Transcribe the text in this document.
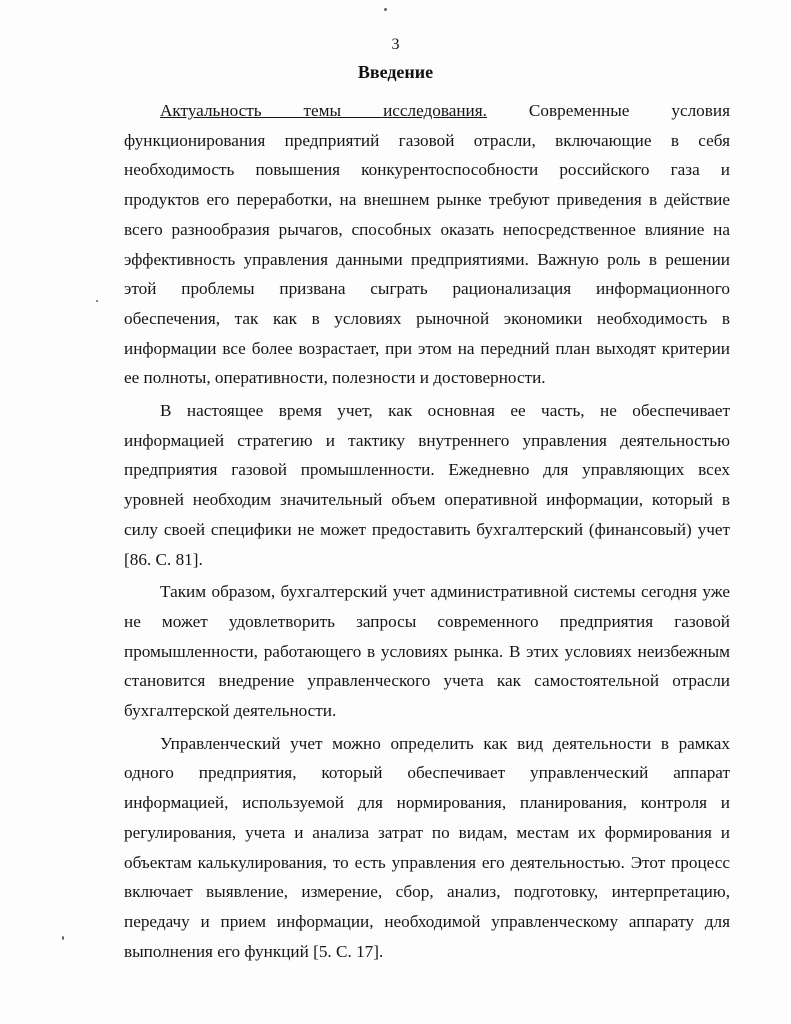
3
Введение
Актуальность темы исследования. Современные условия
функционирования предприятий газовой отрасли, включающие в себя
необходимость повышения конкурентоспособности российского газа и
продуктов его переработки, на внешнем рынке требуют приведения в действие
всего разнообразия рычагов, способных оказать непосредственное влияние на
эффективность управления данными предприятиями. Важную роль в решении
этой проблемы призвана сыграть рационализация информационного
обеспечения, так как в условиях рыночной экономики необходимость в
информации все более возрастает, при этом на передний план выходят критерии
ее полноты, оперативности, полезности и достоверности.
В настоящее время учет, как основная ее часть, не обеспечивает
информацией стратегию и тактику внутреннего управления деятельностью
предприятия газовой промышленности. Ежедневно для управляющих всех
уровней необходим значительный объем оперативной информации, который в
силу своей специфики не может предоставить бухгалтерский (финансовый) учет
[86. С. 81].
Таким образом, бухгалтерский учет административной системы сегодня уже
не может удовлетворить запросы современного предприятия газовой
промышленности, работающего в условиях рынка. В этих условиях неизбежным
становится внедрение управленческого учета как самостоятельной отрасли
бухгалтерской деятельности.
Управленческий учет можно определить как вид деятельности в рамках
одного предприятия, который обеспечивает управленческий аппарат
информацией, используемой для нормирования, планирования, контроля и
регулирования, учета и анализа затрат по видам, местам их формирования и
объектам калькулирования, то есть управления его деятельностью. Этот процесс
включает выявление, измерение, сбор, анализ, подготовку, интерпретацию,
передачу и прием информации, необходимой управленческому аппарату для
выполнения его функций [5. С. 17].
